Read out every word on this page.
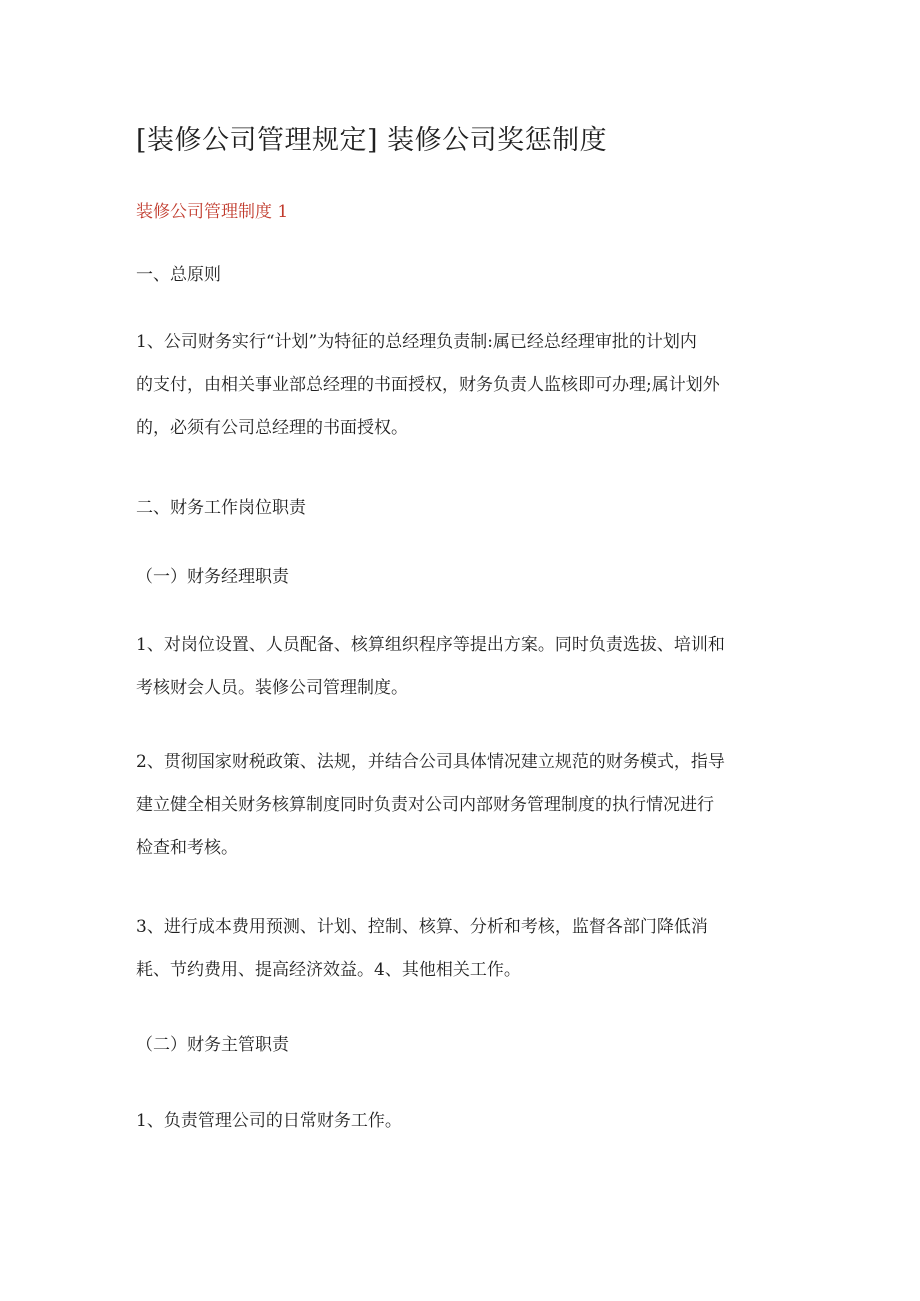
[装修公司管理规定] 装修公司奖惩制度
装修公司管理制度 1

一、总原则

1、公司财务实行“计划”为特征的总经理负责制:属已经总经理审批的计划内

的支付，由相关事业部总经理的书面授权，财务负责人监核即可办理;属计划外

的，必须有公司总经理的书面授权。

二、财务工作岗位职责

（一）财务经理职责

1、对岗位设置、人员配备、核算组织程序等提出方案。同时负责选拔、培训和

考核财会人员。装修公司管理制度。

2、贯彻国家财税政策、法规，并结合公司具体情况建立规范的财务模式，指导

建立健全相关财务核算制度同时负责对公司内部财务管理制度的执行情况进行

检查和考核。

3、进行成本费用预测、计划、控制、核算、分析和考核，监督各部门降低消

耗、节约费用、提高经济效益。4、其他相关工作。

（二）财务主管职责

1、负责管理公司的日常财务工作。
